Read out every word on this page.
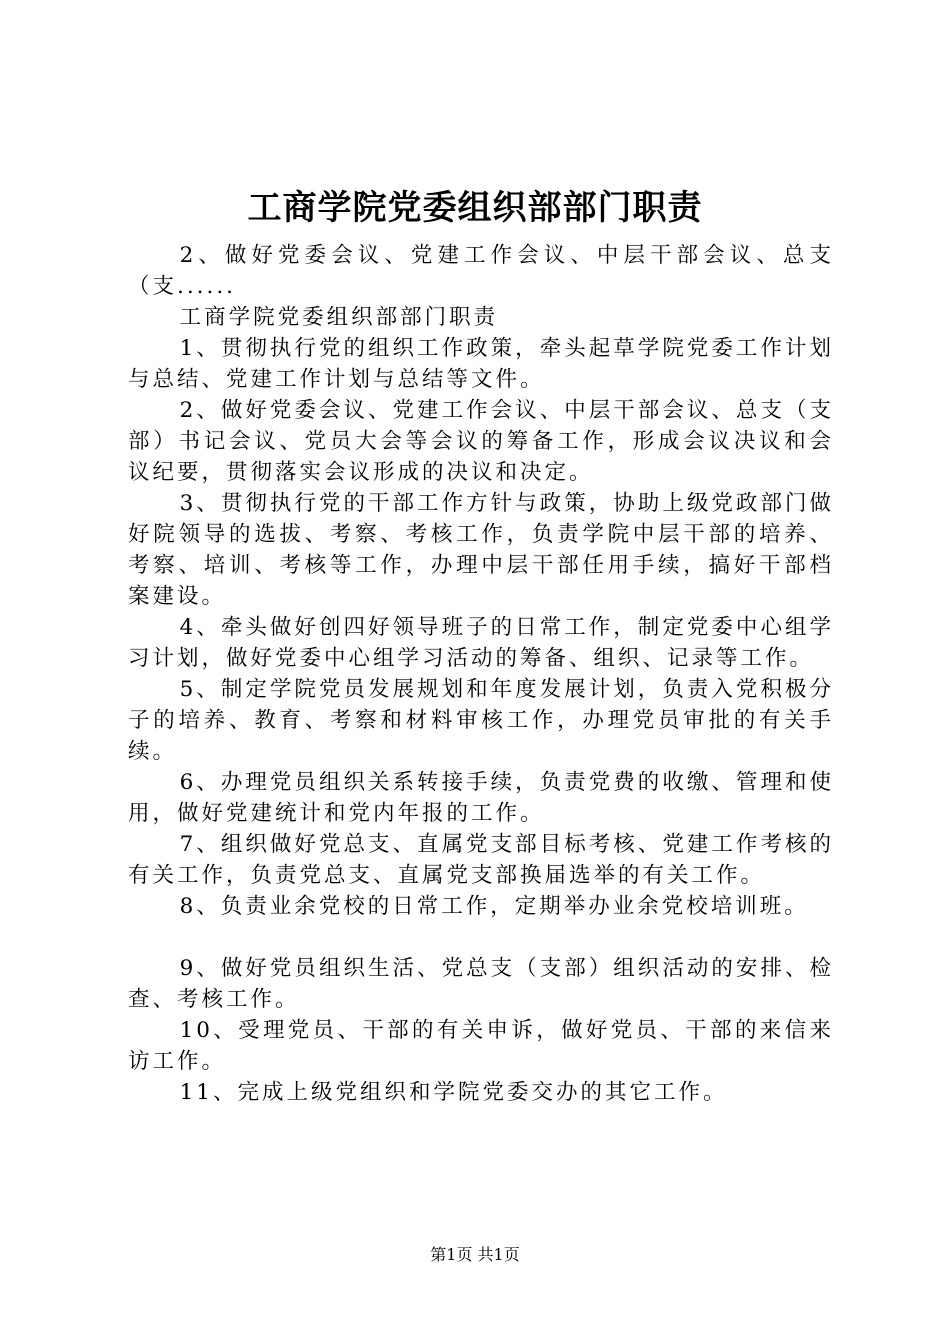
工商学院党委组织部部门职责

2、做好党委会议、党建工作会议、中层干部会议、总支（支......

工商学院党委组织部部门职责

1、贯彻执行党的组织工作政策，牵头起草学院党委工作计划与总结、党建工作计划与总结等文件。

2、做好党委会议、党建工作会议、中层干部会议、总支（支部）书记会议、党员大会等会议的筹备工作，形成会议决议和会议纪要，贯彻落实会议形成的决议和决定。

3、贯彻执行党的干部工作方针与政策，协助上级党政部门做好院领导的选拔、考察、考核工作，负责学院中层干部的培养、考察、培训、考核等工作，办理中层干部任用手续，搞好干部档案建设。

4、牵头做好创四好领导班子的日常工作，制定党委中心组学习计划，做好党委中心组学习活动的筹备、组织、记录等工作。

5、制定学院党员发展规划和年度发展计划，负责入党积极分子的培养、教育、考察和材料审核工作，办理党员审批的有关手续。

6、办理党员组织关系转接手续，负责党费的收缴、管理和使用，做好党建统计和党内年报的工作。

7、组织做好党总支、直属党支部目标考核、党建工作考核的有关工作，负责党总支、直属党支部换届选举的有关工作。

8、负责业余党校的日常工作，定期举办业余党校培训班。

9、做好党员组织生活、党总支（支部）组织活动的安排、检查、考核工作。

10、受理党员、干部的有关申诉，做好党员、干部的来信来访工作。

11、完成上级党组织和学院党委交办的其它工作。

第1页 共1页
